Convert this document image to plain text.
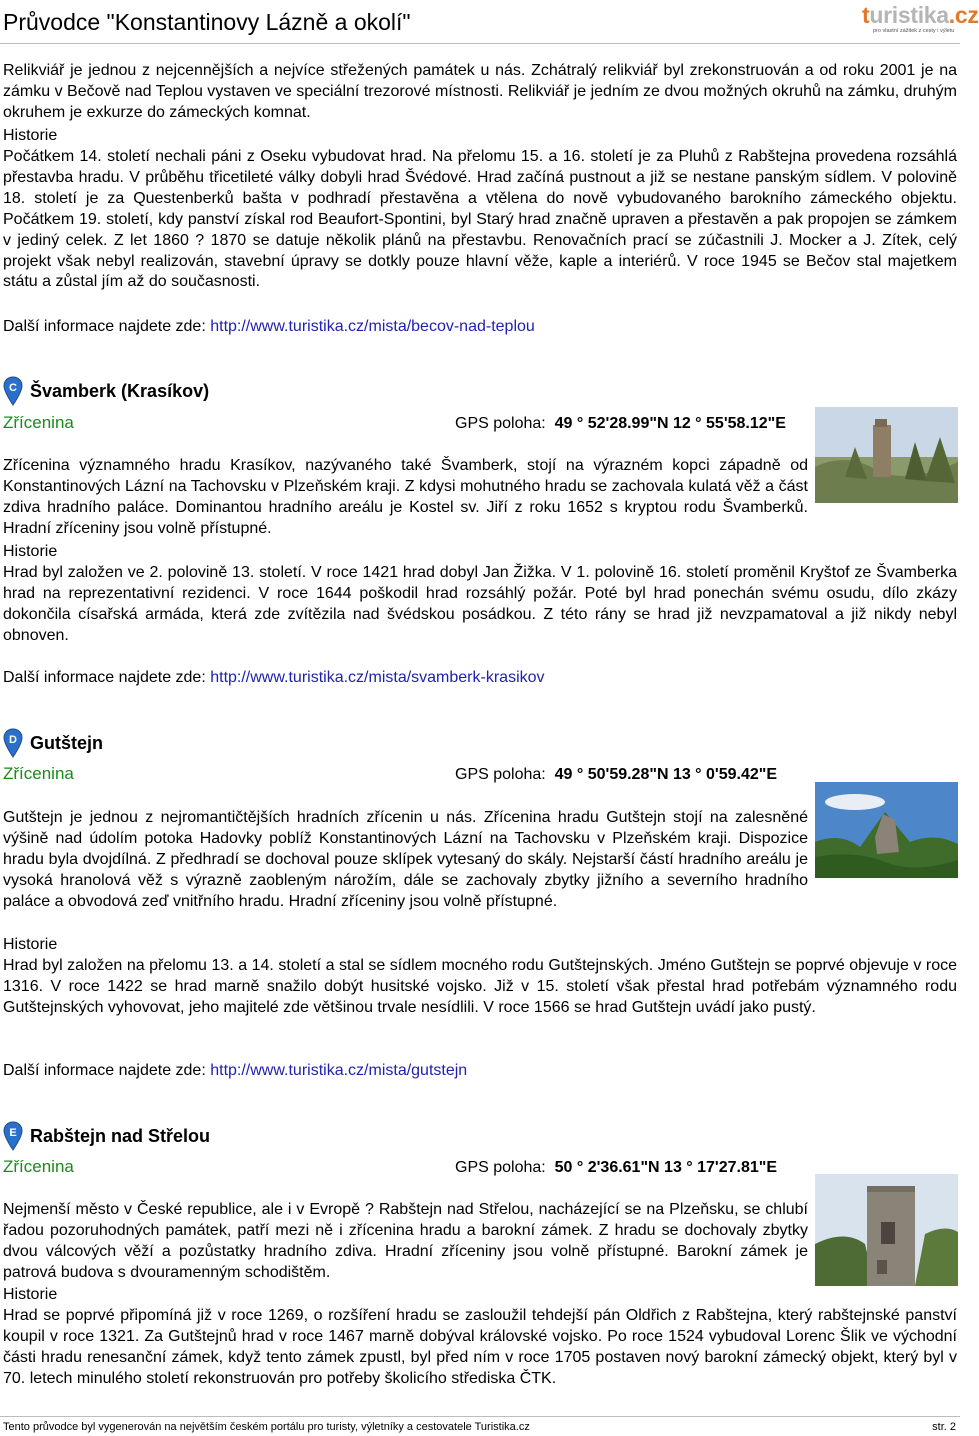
Průvodce "Konstantinovy Lázně a okolí"	turistika.cz
pro vlastní zážitek z cesty i výletu
Relikviář je jednou z nejcennějších a nejvíce střežených památek u nás. Zchátralý relikviář byl zrekonstruován a od roku 2001 je na zámku v Bečově nad Teplou vystaven ve speciální trezorové místnosti. Relikviář je jedním ze dvou možných okruhů na zámku, druhým okruhem je exkurze do zámeckých komnat.
Historie
Počátkem 14. století nechali páni z Oseku vybudovat hrad. Na přelomu 15. a 16. století je za Pluhů z Rabštejna provedena rozsáhlá přestavba hradu. V průběhu třicetileté války dobyli hrad Švédové. Hrad začíná pustnout a již se nestane panským sídlem. V polovině 18. století je za Questenberků bašta v podhradí přestavěna a vtělena do nově vybudovaného barokního zámeckého objektu. Počátkem 19. století, kdy panství získal rod Beaufort-Spontini, byl Starý hrad značně upraven a přestavěn a pak propojen se zámkem v jediný celek. Z let 1860 ? 1870 se datuje několik plánů na přestavbu. Renovačních prací se zúčastnili J. Mocker a J. Zítek, celý projekt však nebyl realizován, stavební úpravy se dotkly pouze hlavní věže, kaple a interiérů. V roce 1945 se Bečov stal majetkem státu a zůstal jím až do současnosti.
Další informace najdete zde: http://www.turistika.cz/mista/becov-nad-teplou
C Švamberk (Krasíkov)
Zřícenina	GPS poloha: 49 ° 52'28.99"N 12 ° 55'58.12"E
Zřícenina významného hradu Krasíkov, nazývaného také Švamberk, stojí na výrazném kopci západně od Konstantinových Lázní na Tachovsku v Plzeňském kraji. Z kdysi mohutného hradu se zachovala kulatá věž a část zdiva hradního paláce. Dominantou hradního areálu je Kostel sv. Jiří z roku 1652 s kryptou rodu Švamberků. Hradní zříceniny jsou volně přístupné.
Historie
Hrad byl založen ve 2. polovině 13. století. V roce 1421 hrad dobyl Jan Žižka. V 1. polovině 16. století proměnil Kryštof ze Švamberka hrad na reprezentativní rezidenci. V roce 1644 poškodil hrad rozsáhlý požár. Poté byl hrad ponechán svému osudu, dílo zkázy dokončila císařská armáda, která zde zvítězila nad švédskou posádkou. Z této rány se hrad již nevzpamatoval a již nikdy nebyl obnoven.
Další informace najdete zde: http://www.turistika.cz/mista/svamberk-krasikov
D Gutštejn
Zřícenina	GPS poloha: 49 ° 50'59.28"N 13 ° 0'59.42"E
Gutštejn je jednou z nejromantičtějších hradních zřícenin u nás. Zřícenina hradu Gutštejn stojí na zalesněné výšině nad údolím potoka Hadovky poblíž Konstantinových Lázní na Tachovsku v Plzeňském kraji. Dispozice hradu byla dvojdílná. Z předhradí se dochoval pouze sklípek vytesaný do skály. Nejstarší částí hradního areálu je vysoká hranolová věž s výrazně zaobleným nárožím, dále se zachovaly zbytky jižního a severního hradního paláce a obvodová zeď vnitřního hradu. Hradní zříceniny jsou volně přístupné.
Historie
Hrad byl založen na přelomu 13. a 14. století a stal se sídlem mocného rodu Gutštejnských. Jméno Gutštejn se poprvé objevuje v roce 1316. V roce 1422 se hrad marně snažilo dobýt husitské vojsko. Již v 15. století však přestal hrad potřebám významného rodu Gutštejnských vyhovovat, jeho majitelé zde většinou trvale nesídlili. V roce 1566 se hrad Gutštejn uvádí jako pustý.
Další informace najdete zde: http://www.turistika.cz/mista/gutstejn
E Rabštejn nad Střelou
Zřícenina	GPS poloha: 50 ° 2'36.61"N 13 ° 17'27.81"E
Nejmenší město v České republice, ale i v Evropě ? Rabštejn nad Střelou, nacházející se na Plzeňsku, se chlubí řadou pozoruhodných památek, patří mezi ně i zřícenina hradu a barokní zámek. Z hradu se dochovaly zbytky dvou válcových věží a pozůstatky hradního zdiva. Hradní zříceniny jsou volně přístupné. Barokní zámek je patrová budova s dvouramenným schodištěm.
Historie
Hrad se poprvé připomíná již v roce 1269, o rozšíření hradu se zasloužil tehdejší pán Oldřich z Rabštejna, který rabštejnské panství koupil v roce 1321. Za Gutštejnů hrad v roce 1467 marně dobýval královské vojsko. Po roce 1524 vybudoval Lorenc Šlik ve východní části hradu renesanční zámek, když tento zámek zpustl, byl před ním v roce 1705 postaven nový barokní zámecký objekt, který byl v 70. letech minulého století rekonstruován pro potřeby školicího střediska ČTK.
Tento průvodce byl vygenerován na největším českém portálu pro turisty, výletníky a cestovatele Turistika.cz	str. 2
